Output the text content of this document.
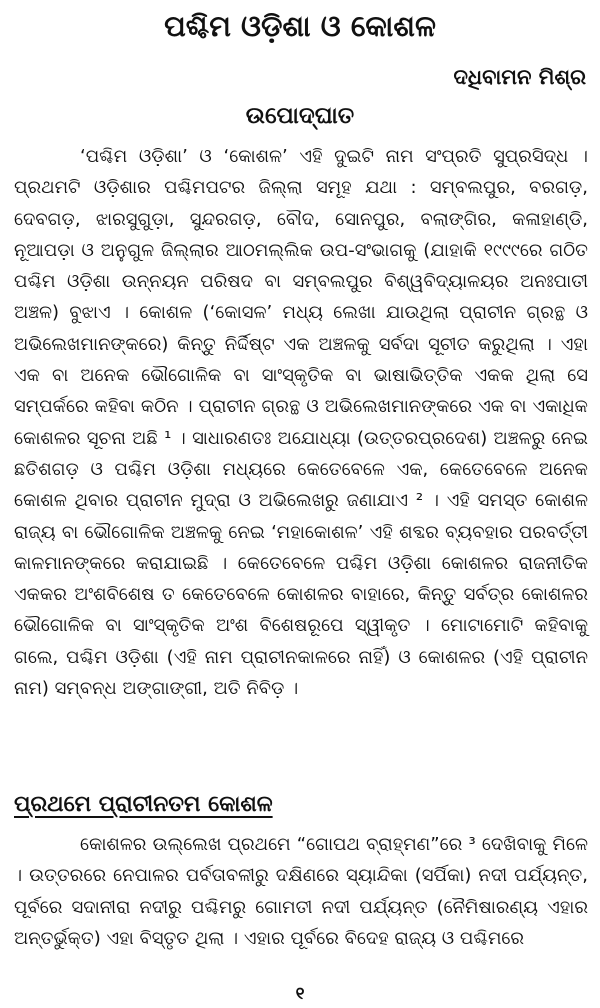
ପଶ୍ଚିମ ଓଡ଼ିଶା ଓ କୋଶଳ
ଦଧିବାମନ ମିଶ୍ର
ଉପୋଦ୍‌ଘାତ

‘ପଶ୍ଚିମ ଓଡ଼ିଶା’ ଓ ‘କୋଶଳ’ ଏହି ଦୁଇଟି ନାମ ସଂପ୍ରତି ସୁପ୍ରସିଦ୍ଧ । ପ୍ରଥମଟି ଓଡ଼ିଶାର ପଶ୍ଚିମପଟର ଜିଲ୍ଲା ସମୂହ ଯଥା : ସମ୍ବଲପୁର, ବରଗଡ଼, ଦେବଗଡ଼, ଝାରସୁଗୁଡ଼ା, ସୁନ୍ଦରଗଡ଼, ବୌଦ, ସୋନପୁର, ବଲାଙ୍ଗିର, କଳାହାଣ୍ଡି, ନୂଆପଡ଼ା ଓ ଅନୁଗୁଳ ଜିଲ୍ଲାର ଆଠମଲ୍ଲିକ ଉପ-ସଂଭାଗକୁ (ଯାହାକି ୧୯୯୯ରେ ଗଠିତ ପଶ୍ଚିମ ଓଡ଼ିଶା ଉନ୍ନୟନ ପରିଷଦ ବା ସମ୍ବଲପୁର ବିଶ୍ୱବିଦ୍ୟାଳୟର ଅନଃପାତୀ ଅଞ୍ଚଳ) ବୁଝାଏ । କୋଶଳ (‘କୋସଳ’ ମଧ୍ୟ ଲେଖା ଯାଉଥିଲା ପ୍ରାଚୀନ ଗ୍ରନ୍ଥ ଓ ଅଭିଲେଖମାନଙ୍କରେ) କିନ୍ତୁ ନିର୍ଦ୍ଦିଷ୍ଟ ଏକ ଅଞ୍ଚଳକୁ ସର୍ବଦା ସୂଚୀତ କରୁଥିଲା । ଏହା ଏକ ବା ଅନେକ ଭୌଗୋଳିକ ବା ସାଂସ୍କୃତିକ ବା ଭାଷାଭିତ୍ତିକ ଏକକ ଥିଲା ସେ ସମ୍ପର୍କରେ କହିବା କଠିନ । ପ୍ରାଚୀନ ଗ୍ରନ୍ଥ ଓ ଅଭିଲେଖମାନଙ୍କରେ ଏକ ବା ଏକାଧିକ କୋଶଳର ସୂଚନା ଅଛି ¹ । ସାଧାରଣତଃ ଅଯୋଧ୍ୟା (ଉତ୍ତରପ୍ରଦେଶ) ଅଞ୍ଚଳରୁ ନେଇ ଛତିଶଗଡ଼ ଓ ପଶ୍ଚିମ ଓଡ଼ିଶା ମଧ୍ୟରେ କେତେବେଳେ ଏକ, କେତେବେଳେ ଅନେକ କୋଶଳ ଥିବାର ପ୍ରାଚୀନ ମୁଦ୍ରା ଓ ଅଭିଲେଖରୁ ଜଣାଯାଏ ² । ଏହି ସମସ୍ତ କୋଶଳ ରାଜ୍ୟ ବା ଭୌଗୋଳିକ ଅଞ୍ଚଳକୁ ନେଇ ‘ମହାକୋଶଳ’ ଏହି ଶବ୍ଦର ବ୍ୟବହାର ପରବର୍ତ୍ତୀ କାଳମାନଙ୍କରେ କରାଯାଇଛି । କେତେବେଳେ ପଶ୍ଚିମ ଓଡ଼ିଶା କୋଶଳର ରାଜନୀତିକ ଏକକର ଅଂଶବିଶେଷ ତ କେତେବେଳେ କୋଶଳର ବାହାରେ, କିନ୍ତୁ ସର୍ବତ୍ର କୋଶଳର ଭୌଗୋଳିକ ବା ସାଂସ୍କୃତିକ ଅଂଶ ବିଶେଷରୂପେ ସ୍ୱୀକୃତ । ମୋଟାମୋଟି କହିବାକୁ ଗଲେ, ପଶ୍ଚିମ ଓଡ଼ିଶା (ଏହି ନାମ ପ୍ରାଚୀନକାଳରେ ନାହିଁ) ଓ କୋଶଳର (ଏହି ପ୍ରାଚୀନ ନାମ) ସମ୍ବନ୍ଧ ଅଙ୍ଗାଙ୍ଗୀ, ଅତି ନିବିଡ଼ ।

ପ୍ରଥମେ ପ୍ରାଚୀନତମ କୋଶଳ

କୋଶଳର ଉଲ୍ଲେଖ ପ୍ରଥମେ “ଗୋପଥ ବ୍ରାହ୍ମଣ”ରେ ³ ଦେଖିବାକୁ ମିଳେ । ଉତ୍ତରରେ ନେପାଳର ପର୍ବତାବଳୀରୁ ଦକ୍ଷିଣରେ ସ୍ୟାନ୍ଦିକା (ସର୍ପିକା) ନଦୀ ପର୍ଯ୍ୟନ୍ତ, ପୂର୍ବରେ ସଦାନୀରା ନଦୀରୁ ପଶ୍ଚିମରୁ ଗୋମତୀ ନଦୀ ପର୍ଯ୍ୟନ୍ତ (ନୈମିଷାରଣ୍ୟ ଏହାର ଅନ୍ତର୍ଭୁକ୍ତ) ଏହା ବିସ୍ତୃତ ଥିଲା । ଏହାର ପୂର୍ବରେ ବିଦେହ ରାଜ୍ୟ ଓ ପଶ୍ଚିମରେ

୧
